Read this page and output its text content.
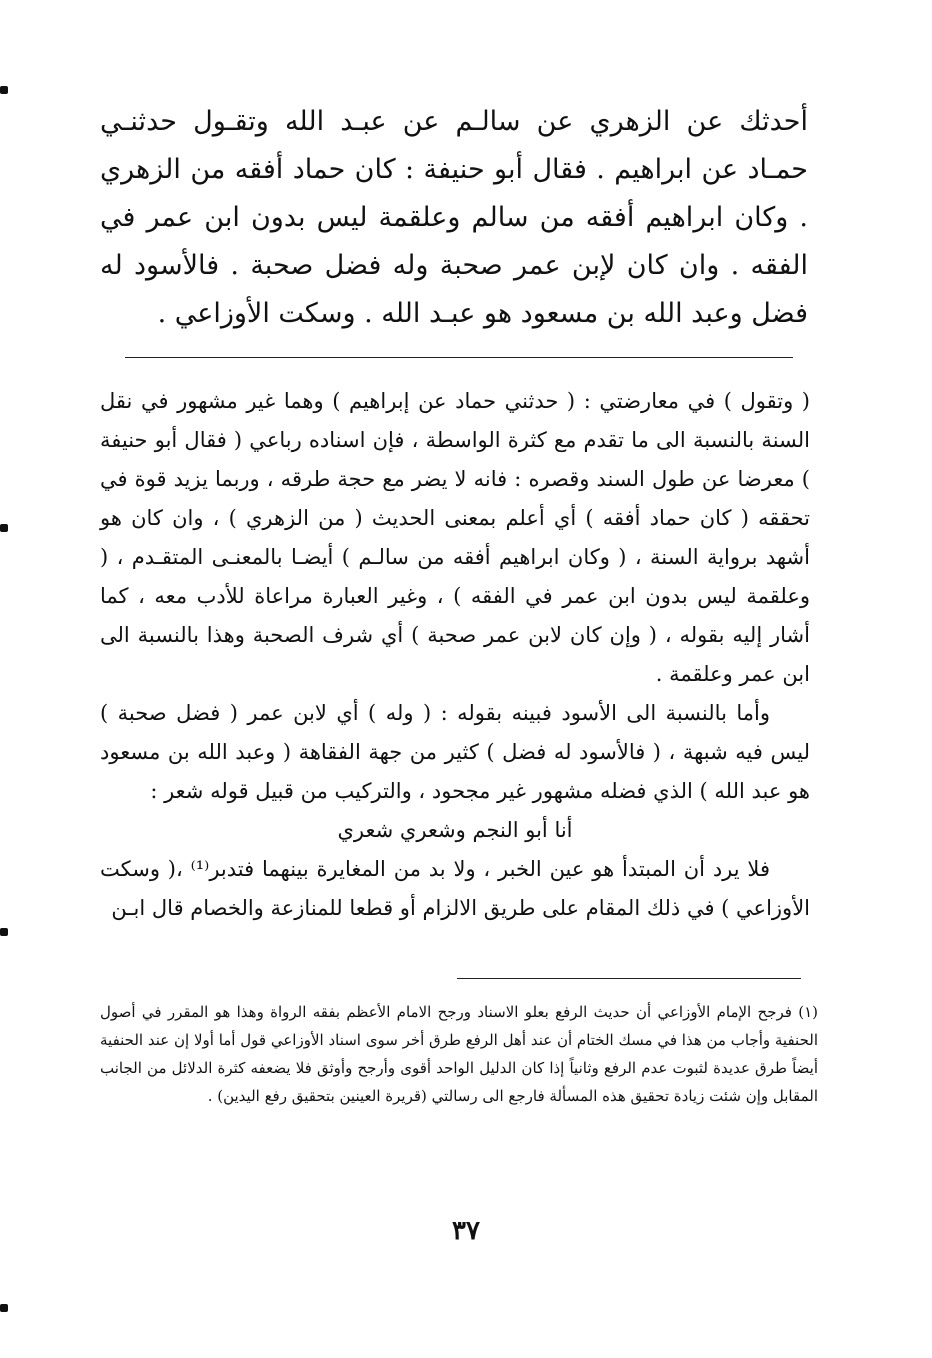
أحدثك عن الزهري عن سالـم عن عبـد الله وتقـول حدثنـي حمـاد عن ابراهيم . فقال أبو حنيفة : كان حماد أفقه من الزهري . وكان ابراهيم أفقه من سالم وعلقمة ليس بدون ابن عمر في الفقه . وان كان لإبن عمر صحبة وله فضل صحبة . فالأسود له فضل وعبد الله بن مسعود هو عبـد الله . وسكت الأوزاعي .

( وتقول ) في معارضتي : ( حدثني حماد عن إبراهيم ) وهما غير مشهور في نقل السنة بالنسبة الى ما تقدم مع كثرة الواسطة ، فإن اسناده رباعي ( فقال أبو حنيفة ) معرضا عن طول السند وقصره : فانه لا يضر مع حجة طرقه ، وربما يزيد قوة في تحققه ( كان حماد أفقه ) أي أعلم بمعنى الحديث ( من الزهري ) ، وان كان هو أشهد برواية السنة ، ( وكان ابراهيم أفقه من سالـم ) أيضـا بالمعنـى المتقـدم ، ( وعلقمة ليس بدون ابن عمر في الفقه ) ، وغير العبارة مراعاة للأدب معه ، كما أشار إليه بقوله ، ( وإن كان لابن عمر صحبة ) أي شرف الصحبة وهذا بالنسبة الى ابن عمر وعلقمة .

وأما بالنسبة الى الأسود فبينه بقوله : ( وله ) أي لابن عمر ( فضل صحبة ) ليس فيه شبهة ، ( فالأسود له فضل ) كثير من جهة الفقاهة ( وعبد الله بن مسعود هو عبد الله ) الذي فضله مشهور غير مجحود ، والتركيب من قبيل قوله شعر :

أنا أبو النجم وشعري شعري

فلا يرد أن المبتدأ هو عين الخبر ، ولا بد من المغايرة بينهما فتدبر⁽¹⁾ ،( وسكت الأوزاعي ) في ذلك المقام على طريق الالزام أو قطعا للمنازعة والخصام قال ابـن

(١) فرجح الإمام الأوزاعي أن حديث الرفع بعلو الاسناد ورجح الامام الأعظم بفقه الرواة وهذا هو المقرر في أصول الحنفية وأجاب من هذا في مسك الختام أن عند أهل الرفع طرق أخر سوى اسناد الأوزاعي قول أما أولا إن عند الحنفية أيضاً طرق عديدة لثبوت عدم الرفع وثانياً إذا كان الدليل الواحد أقوى وأرجح وأوثق فلا يضعفه كثرة الدلائل من الجانب المقابل وإن شئت زيادة تحقيق هذه المسألة فارجع الى رسالتي (قريرة العينين بتحقيق رفع اليدين) .

٣٧
